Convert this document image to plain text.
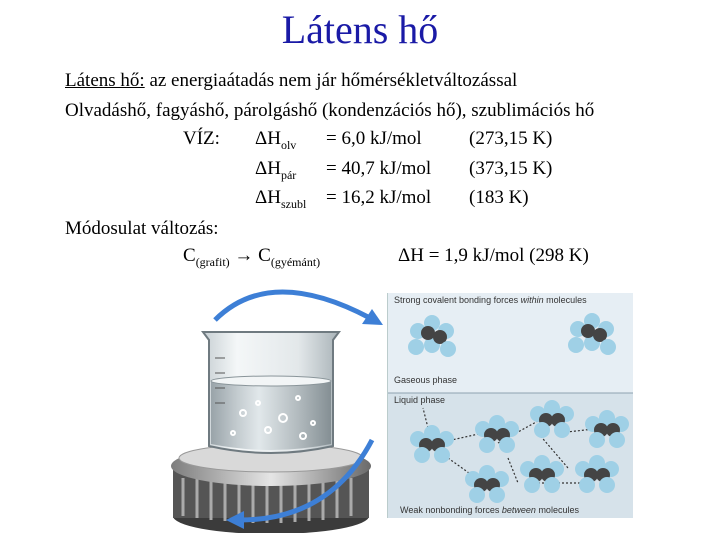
Látens hő
Látens hő: az energiaátadás nem jár hőmérsékletváltozással
Olvadáshő, fagyáshő, párolgáshő (kondenzációs hő), szublimációs hő
VÍZ: $\Delta H_{olv} = 6,0$ kJ/mol (273,15 K)
$\Delta H_{pár} = 40,7$ kJ/mol (373,15 K)
$\Delta H_{szubl} = 16,2$ kJ/mol (183 K)
Módosulat változás:
$C_{(grafit)} \to C_{(gyémánt)}$	ΔH = 1,9 kJ/mol (298 K)
Strong covalent bonding forces within molecules
Gaseous phase
Liquid phase
Weak nonbonding forces between molecules
